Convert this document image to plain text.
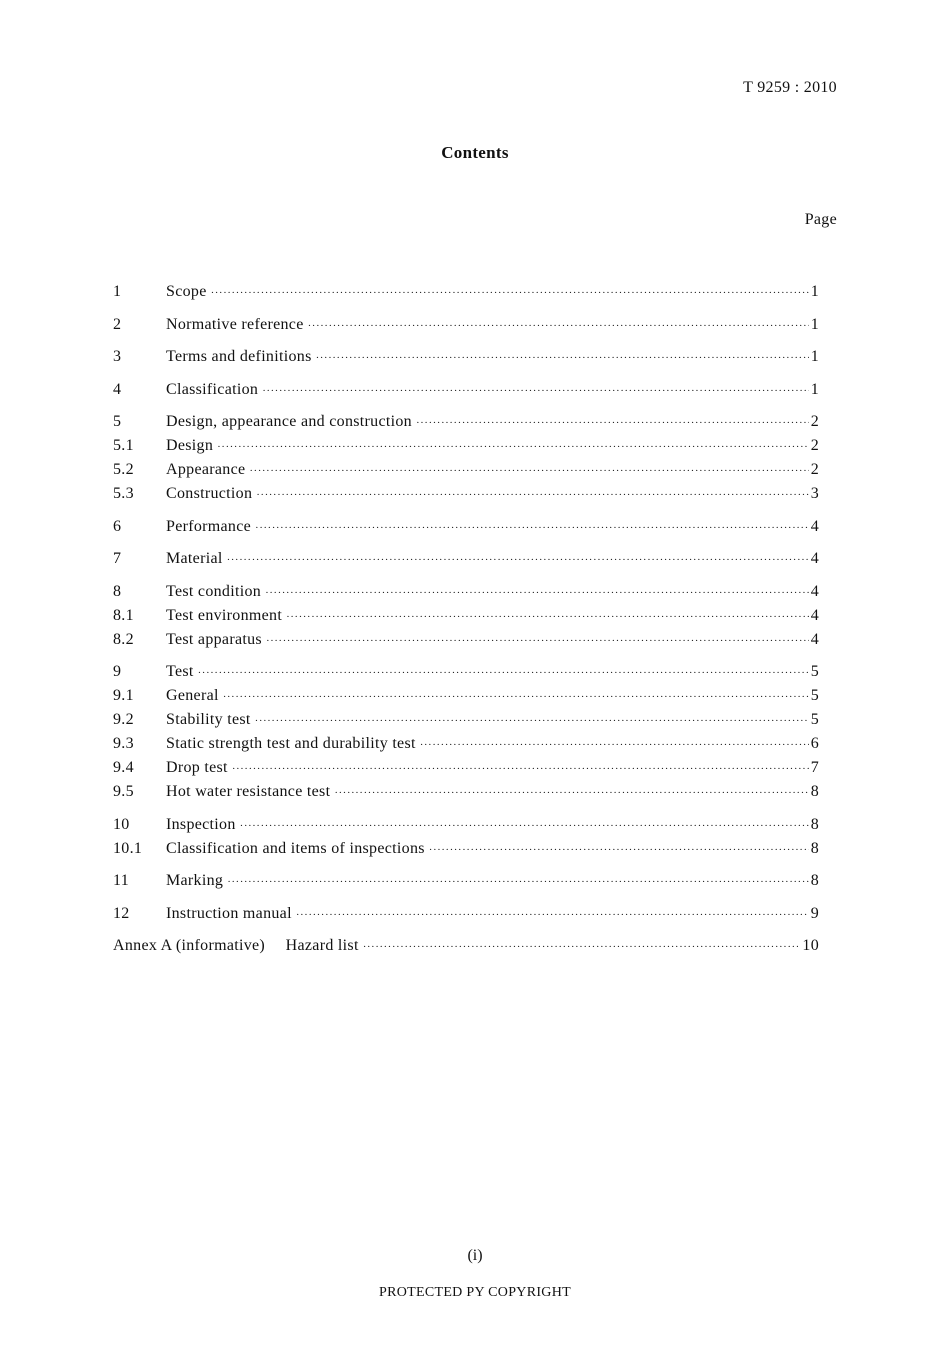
T 9259 : 2010
Contents
Page
1	Scope ·····	1
2	Normative reference ·····	1
3	Terms and definitions ·····	1
4	Classification ·····	1
5	Design, appearance and construction ·····	2
5.1	Design ·····	2
5.2	Appearance ·····	2
5.3	Construction ·····	3
6	Performance ·····	4
7	Material ·····	4
8	Test condition ·····	4
8.1	Test environment ·····	4
8.2	Test apparatus ·····	4
9	Test ·····	5
9.1	General ·····	5
9.2	Stability test ·····	5
9.3	Static strength test and durability test ·····	6
9.4	Drop test ·····	7
9.5	Hot water resistance test ·····	8
10	Inspection ·····	8
10.1	Classification and items of inspections ·····	8
11	Marking ·····	8
12	Instruction manual ·····	9
Annex A (informative)  Hazard list ·····	10
(i)
PROTECTED PY COPYRIGHT
